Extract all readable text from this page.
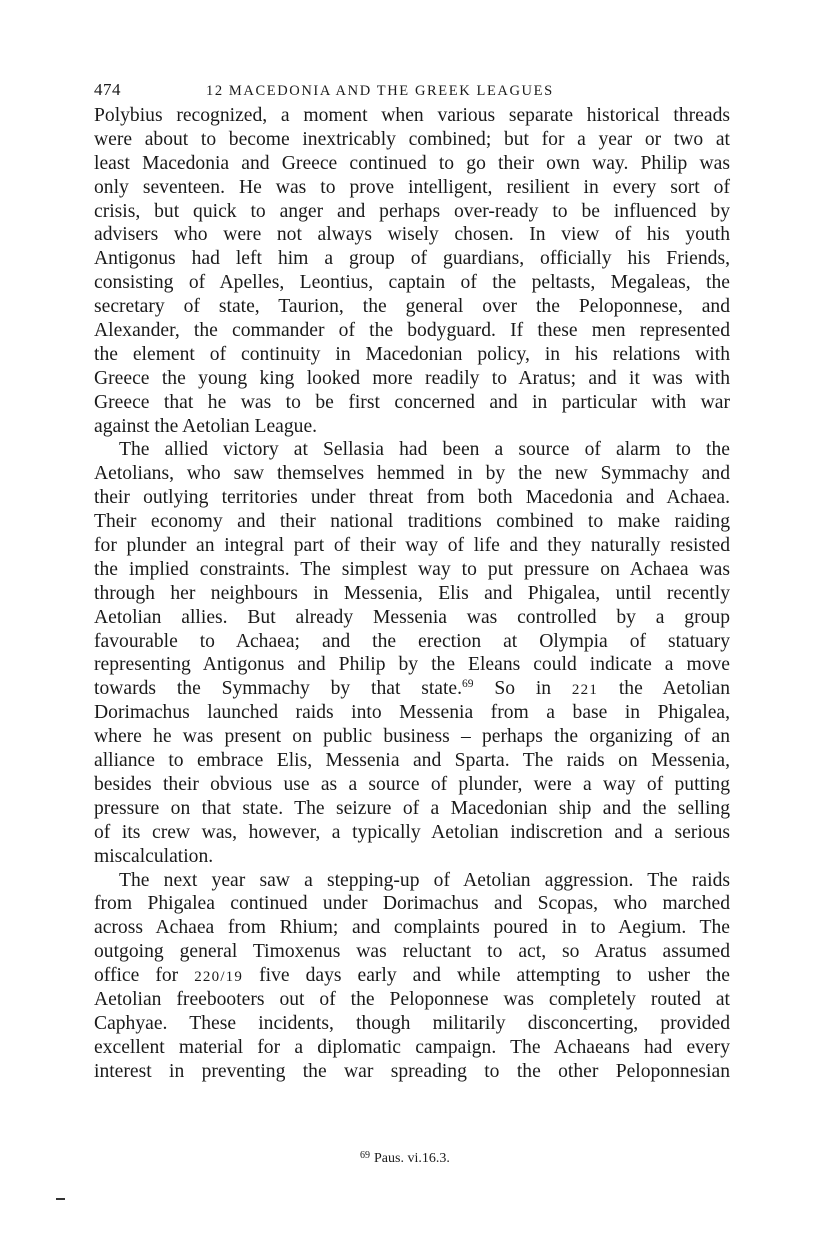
474	12 MACEDONIA AND THE GREEK LEAGUES

Polybius recognized, a moment when various separate historical threads
were about to become inextricably combined; but for a year or two at
least Macedonia and Greece continued to go their own way. Philip was
only seventeen. He was to prove intelligent, resilient in every sort of
crisis, but quick to anger and perhaps over-ready to be influenced by
advisers who were not always wisely chosen. In view of his youth
Antigonus had left him a group of guardians, officially his Friends,
consisting of Apelles, Leontius, captain of the peltasts, Megaleas, the
secretary of state, Taurion, the general over the Peloponnese, and
Alexander, the commander of the bodyguard. If these men represented
the element of continuity in Macedonian policy, in his relations with
Greece the young king looked more readily to Aratus; and it was with
Greece that he was to be first concerned and in particular with war
against the Aetolian League.
The allied victory at Sellasia had been a source of alarm to the
Aetolians, who saw themselves hemmed in by the new Symmachy and
their outlying territories under threat from both Macedonia and Achaea.
Their economy and their national traditions combined to make raiding
for plunder an integral part of their way of life and they naturally resisted
the implied constraints. The simplest way to put pressure on Achaea was
through her neighbours in Messenia, Elis and Phigalea, until recently
Aetolian allies. But already Messenia was controlled by a group
favourable to Achaea; and the erection at Olympia of statuary
representing Antigonus and Philip by the Eleans could indicate a move
towards the Symmachy by that state.$^{69}$ So in 221 the Aetolian
Dorimachus launched raids into Messenia from a base in Phigalea,
where he was present on public business – perhaps the organizing of an
alliance to embrace Elis, Messenia and Sparta. The raids on Messenia,
besides their obvious use as a source of plunder, were a way of putting
pressure on that state. The seizure of a Macedonian ship and the selling
of its crew was, however, a typically Aetolian indiscretion and a serious
miscalculation.
The next year saw a stepping-up of Aetolian aggression. The raids
from Phigalea continued under Dorimachus and Scopas, who marched
across Achaea from Rhium; and complaints poured in to Aegium. The
outgoing general Timoxenus was reluctant to act, so Aratus assumed
office for 220/19 five days early and while attempting to usher the
Aetolian freebooters out of the Peloponnese was completely routed at
Caphyae. These incidents, though militarily disconcerting, provided
excellent material for a diplomatic campaign. The Achaeans had every
interest in preventing the war spreading to the other Peloponnesian

$^{69}$ Paus. vi.16.3.
